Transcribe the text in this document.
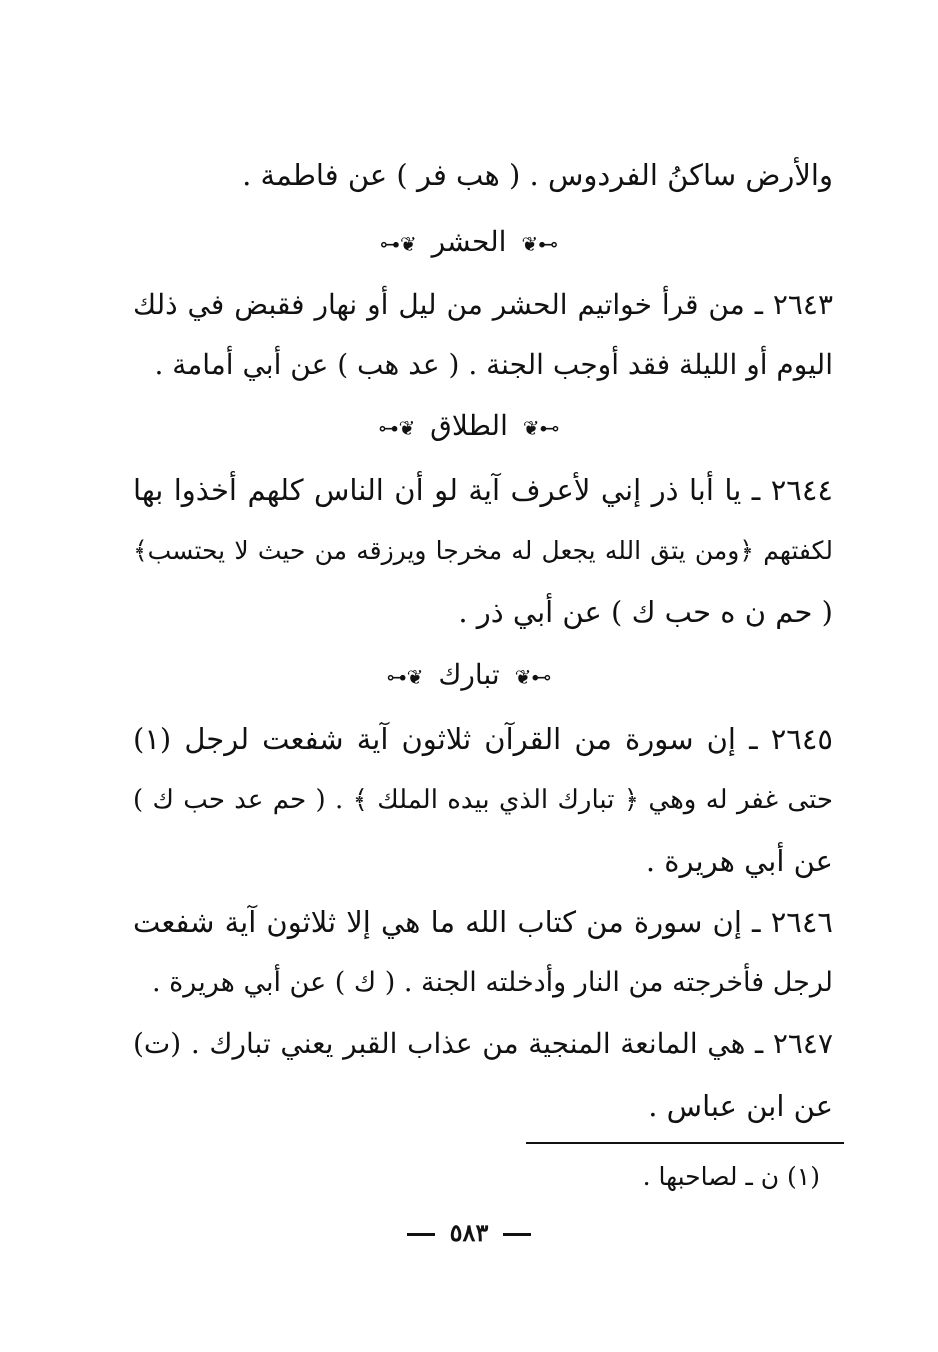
والأرض ساكنُ الفردوس . ( هب فر ) عن فاطمة .
⊶❦ الحشر ❦⊷
٢٦٤٣ ـ من قرأ خواتيم الحشر من ليل أو نهار فقبض في ذلك
اليوم أو الليلة فقد أوجب الجنة . ( عد هب ) عن أبي أمامة .
⊶❦ الطلاق ❦⊷
٢٦٤٤ ـ يا أبا ذر إني لأعرف آية لو أن الناس كلهم أخذوا بها
لكفتهم ﴿ومن يتق الله يجعل له مخرجا ويرزقه من حيث لا يحتسب﴾
( حم ن ه حب ك ) عن أبي ذر .
⊶❦ تبارك ❦⊷
٢٦٤٥ ـ إن سورة من القرآن ثلاثون آية شفعت لرجل (١)
حتى غفر له وهي ﴿ تبارك الذي بيده الملك ﴾ . ( حم عد حب ك )
عن أبي هريرة .
٢٦٤٦ ـ إن سورة من كتاب الله ما هي إلا ثلاثون آية شفعت
لرجل فأخرجته من النار وأدخلته الجنة . ( ك ) عن أبي هريرة .
٢٦٤٧ ـ هي المانعة المنجية من عذاب القبر يعني تبارك . (ت)
عن ابن عباس .
(١) ن ـ لصاحبها .
٥٨٣
